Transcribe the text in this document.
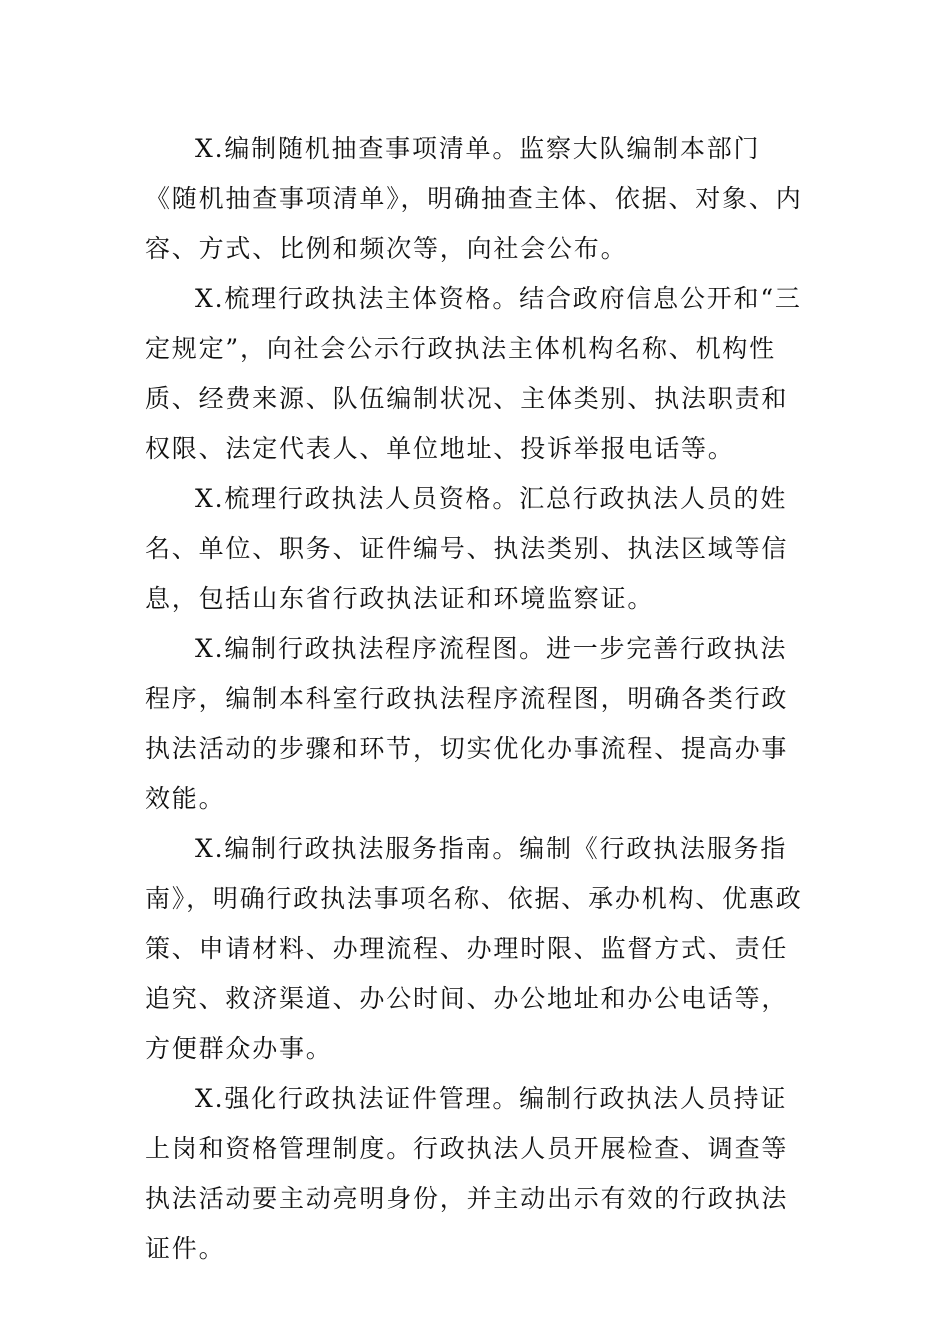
X.编制随机抽查事项清单。监察大队编制本部门《随机抽查事项清单》，明确抽查主体、依据、对象、内容、方式、比例和频次等，向社会公布。

X.梳理行政执法主体资格。结合政府信息公开和“三定规定”，向社会公示行政执法主体机构名称、机构性质、经费来源、队伍编制状况、主体类别、执法职责和权限、法定代表人、单位地址、投诉举报电话等。

X.梳理行政执法人员资格。汇总行政执法人员的姓名、单位、职务、证件编号、执法类别、执法区域等信息，包括山东省行政执法证和环境监察证。

X.编制行政执法程序流程图。进一步完善行政执法程序，编制本科室行政执法程序流程图，明确各类行政执法活动的步骤和环节，切实优化办事流程、提高办事效能。

X.编制行政执法服务指南。编制《行政执法服务指南》，明确行政执法事项名称、依据、承办机构、优惠政策、申请材料、办理流程、办理时限、监督方式、责任追究、救济渠道、办公时间、办公地址和办公电话等，方便群众办事。

X.强化行政执法证件管理。编制行政执法人员持证上岗和资格管理制度。行政执法人员开展检查、调查等执法活动要主动亮明身份，并主动出示有效的行政执法证件。
